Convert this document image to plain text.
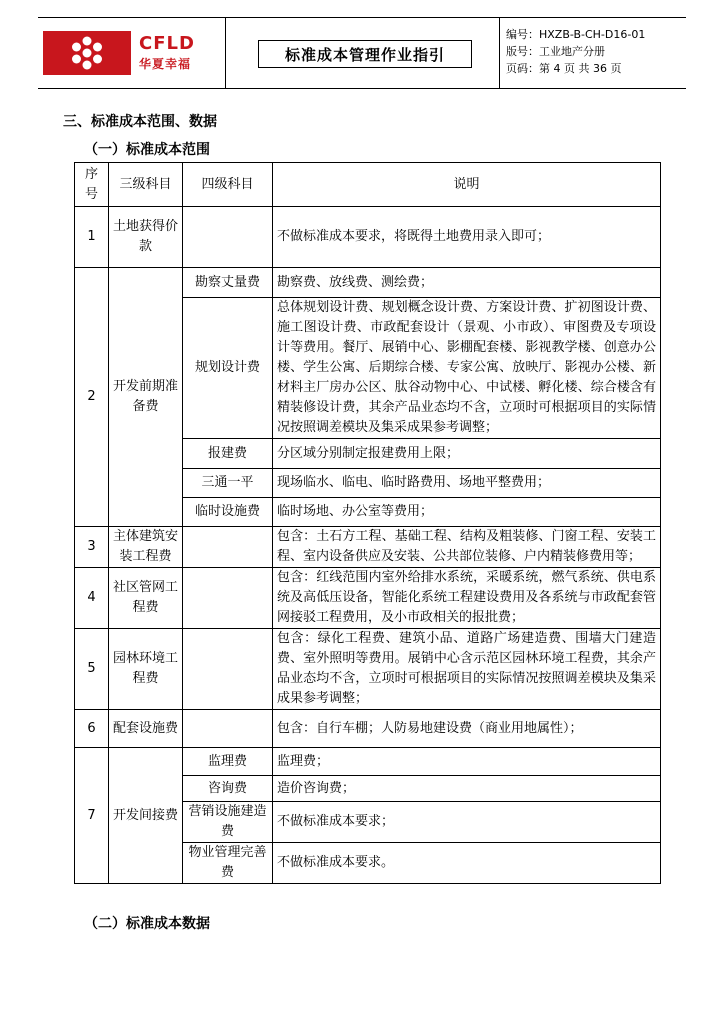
CFLD
华夏幸福
标准成本管理作业指引
编号：HXZB-B-CH-D16-01
版号：工业地产分册
页码：第 4 页 共 36 页
三、标准成本范围、数据
（一）标准成本范围
序号	三级科目	四级科目	说明
1	土地获得价款		不做标准成本要求，将既得土地费用录入即可；
2	开发前期准备费	勘察丈量费	勘察费、放线费、测绘费；
		规划设计费	总体规划设计费、规划概念设计费、方案设计费、扩初图设计费、施工图设计费、市政配套设计（景观、小市政）、审图费及专项设计等费用。餐厅、展销中心、影棚配套楼、影视教学楼、创意办公楼、学生公寓、后期综合楼、专家公寓、放映厅、影视办公楼、新材料主厂房办公区、肽谷动物中心、中试楼、孵化楼、综合楼含有精装修设计费，其余产品业态均不含，立项时可根据项目的实际情况按照调差模块及集采成果参考调整；
		报建费	分区域分别制定报建费用上限；
		三通一平	现场临水、临电、临时路费用、场地平整费用；
		临时设施费	临时场地、办公室等费用；
3	主体建筑安装工程费		包含：土石方工程、基础工程、结构及粗装修、门窗工程、安装工程、室内设备供应及安装、公共部位装修、户内精装修费用等；
4	社区管网工程费		包含：红线范围内室外给排水系统，采暖系统，燃气系统、供电系统及高低压设备，智能化系统工程建设费用及各系统与市政配套管网接驳工程费用，及小市政相关的报批费；
5	园林环境工程费		包含：绿化工程费、建筑小品、道路广场建造费、围墙大门建造费、室外照明等费用。展销中心含示范区园林环境工程费，其余产品业态均不含，立项时可根据项目的实际情况按照调差模块及集采成果参考调整；
6	配套设施费		包含：自行车棚；人防易地建设费（商业用地属性）；
7	开发间接费	监理费	监理费；
		咨询费	造价咨询费；
		营销设施建造费	不做标准成本要求；
		物业管理完善费	不做标准成本要求。
（二）标准成本数据
